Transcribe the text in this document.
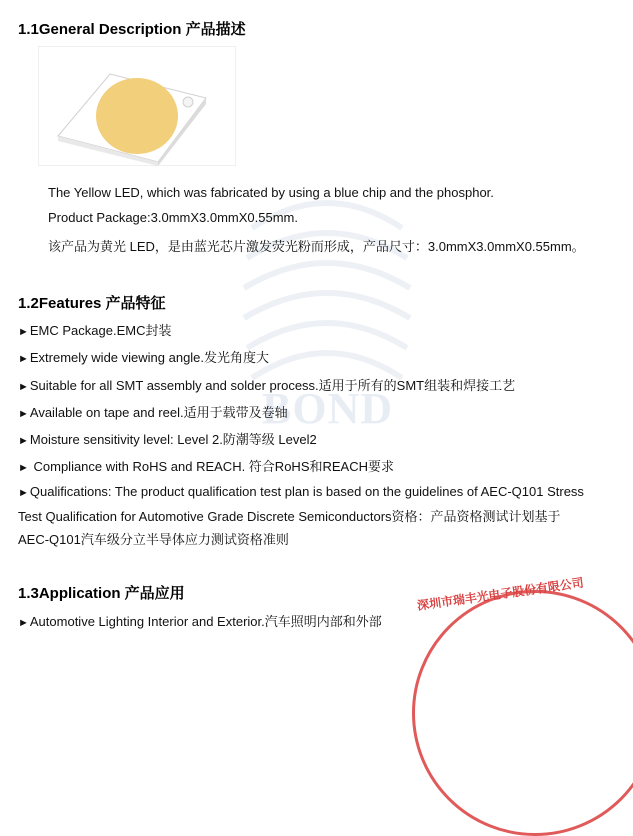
BOND
1.1General Description 产品描述
The Yellow LED, which was fabricated by using a blue chip and the phosphor.
Product Package:3.0mmX3.0mmX0.55mm.
该产品为黄光 LED，是由蓝光芯片激发荧光粉而形成，产品尺寸：3.0mmX3.0mmX0.55mm。
1.2Features 产品特征
►EMC Package.EMC封装
►Extremely wide viewing angle.发光角度大
►Suitable for all SMT assembly and solder process.适用于所有的SMT组装和焊接工艺
►Available on tape and reel.适用于载带及卷轴
►Moisture sensitivity level: Level 2.防潮等级 Level2
► Compliance with RoHS and REACH. 符合RoHS和REACH要求
►Qualifications: The product qualification test plan is based on the guidelines of AEC-Q101 Stress
Test Qualification for Automotive Grade Discrete Semiconductors资格：产品资格测试计划基于
AEC-Q101汽车级分立半导体应力测试资格准则
1.3Application 产品应用
►Automotive Lighting Interior and Exterior.汽车照明内部和外部
深圳市瑞丰光电子股份有限公司
